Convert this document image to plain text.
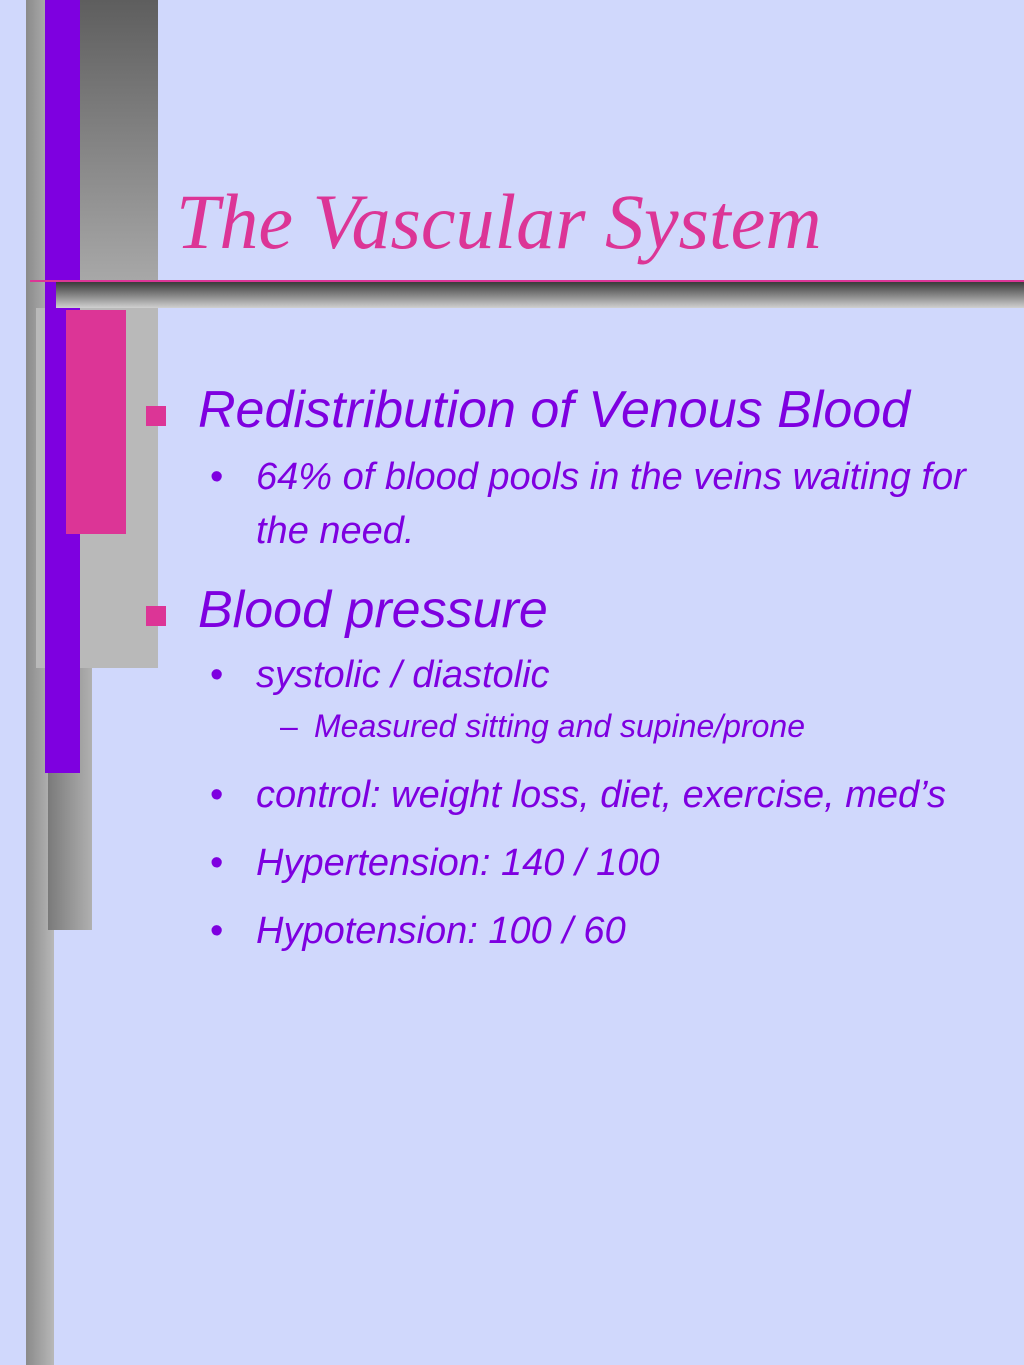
The Vascular System
Redistribution of Venous Blood
• 64% of blood pools in the veins waiting for the need.
Blood pressure
• systolic / diastolic
– Measured sitting and supine/prone
• control: weight loss, diet, exercise, med’s
• Hypertension: 140 / 100
• Hypotension: 100 / 60
